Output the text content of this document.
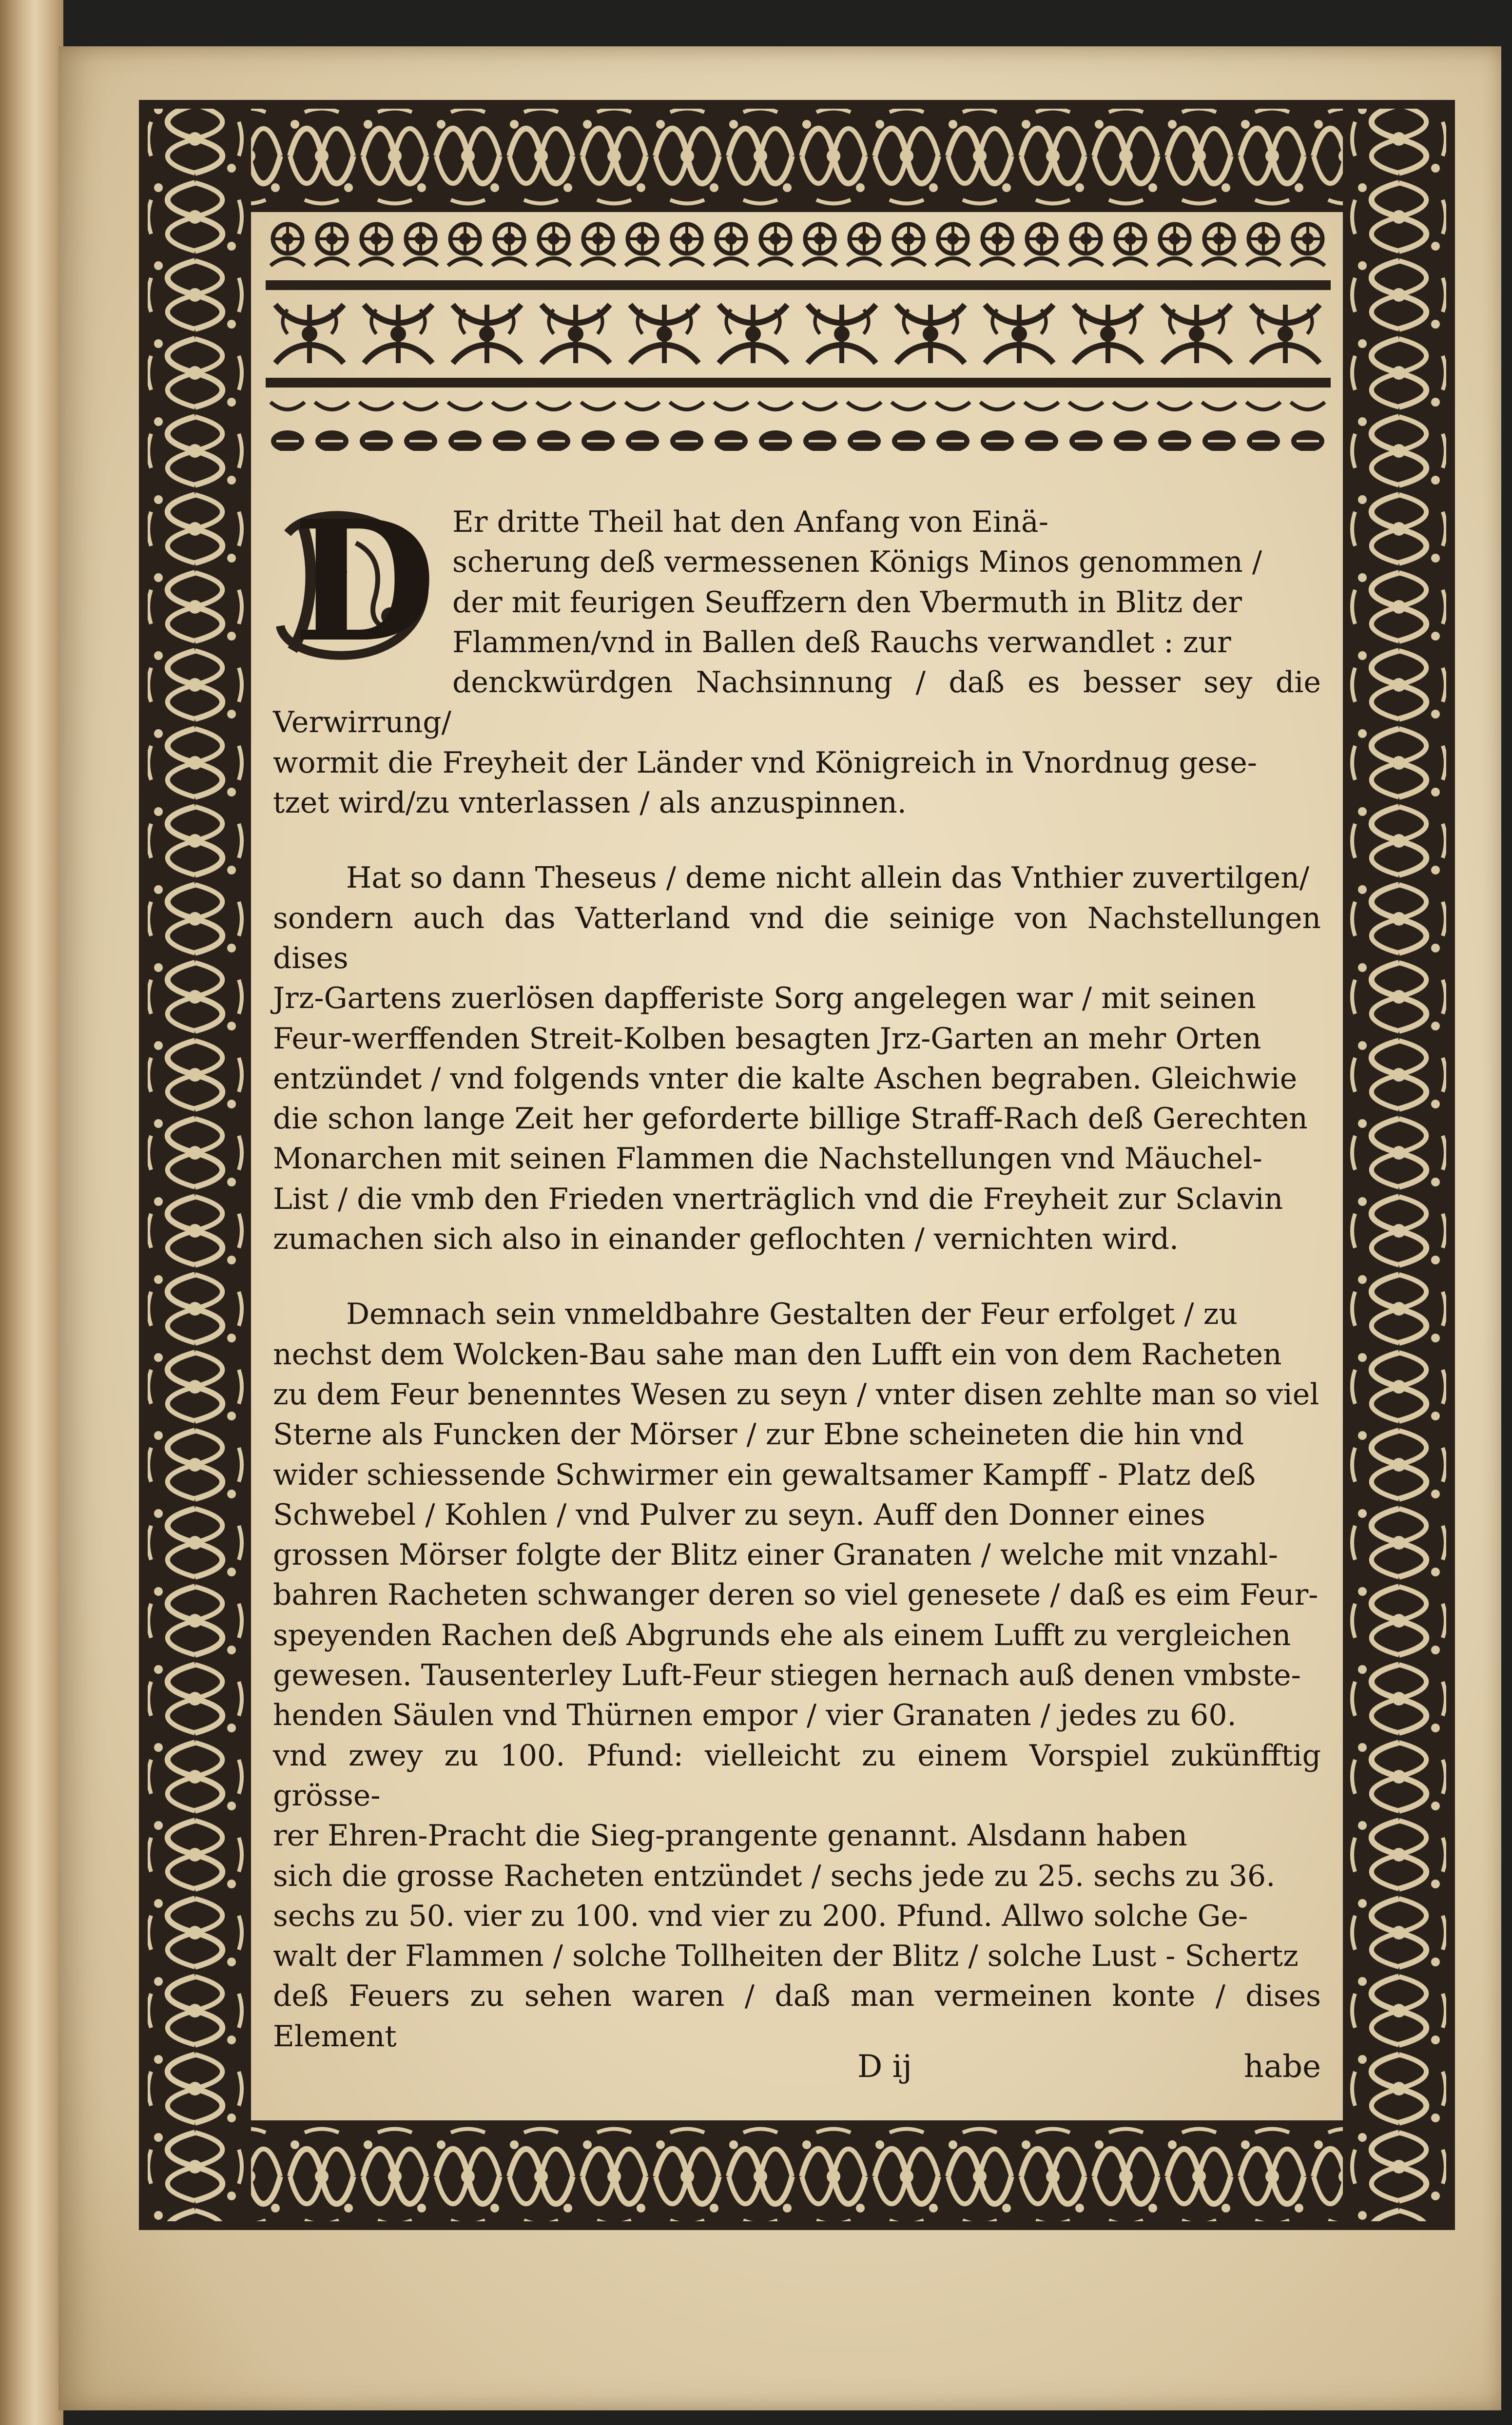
D Er dritte Theil hat den Anfang von Einä-
scherung deß vermessenen Königs Minos genommen /
der mit feurigen Seuffzern den Vbermuth in Blitz der
Flammen/vnd in Ballen deß Rauchs verwandlet : zur
denckwürdgen Nachsinnung / daß es besser sey die Verwirrung/
wormit die Freyheit der Länder vnd Königreich in Vnordnug gese-
tzet wird/zu vnterlassen / als anzuspinnen.
Hat so dann Theseus / deme nicht allein das Vnthier zuvertilgen/
sondern auch das Vatterland vnd die seinige von Nachstellungen dises
Jrz-Gartens zuerlösen dapfferiste Sorg angelegen war / mit seinen
Feur-werffenden Streit-Kolben besagten Jrz-Garten an mehr Orten
entzündet / vnd folgends vnter die kalte Aschen begraben. Gleichwie
die schon lange Zeit her geforderte billige Straff-Rach deß Gerechten
Monarchen mit seinen Flammen die Nachstellungen vnd Mäuchel-
List / die vmb den Frieden vnerträglich vnd die Freyheit zur Sclavin
zumachen sich also in einander geflochten / vernichten wird.
Demnach sein vnmeldbahre Gestalten der Feur erfolget / zu
nechst dem Wolcken-Bau sahe man den Lufft ein von dem Racheten
zu dem Feur benenntes Wesen zu seyn / vnter disen zehlte man so viel
Sterne als Funcken der Mörser / zur Ebne scheineten die hin vnd
wider schiessende Schwirmer ein gewaltsamer Kampff - Platz deß
Schwebel / Kohlen / vnd Pulver zu seyn. Auff den Donner eines
grossen Mörser folgte der Blitz einer Granaten / welche mit vnzahl-
bahren Racheten schwanger deren so viel genesete / daß es eim Feur-
speyenden Rachen deß Abgrunds ehe als einem Lufft zu vergleichen
gewesen. Tausenterley Luft-Feur stiegen hernach auß denen vmbste-
henden Säulen vnd Thürnen empor / vier Granaten / jedes zu 60.
vnd zwey zu 100. Pfund: vielleicht zu einem Vorspiel zukünfftig grösse-
rer Ehren-Pracht die Sieg-prangente genannt. Alsdann haben
sich die grosse Racheten entzündet / sechs jede zu 25. sechs zu 36.
sechs zu 50. vier zu 100. vnd vier zu 200. Pfund. Allwo solche Ge-
walt der Flammen / solche Tollheiten der Blitz / solche Lust - Schertz
deß Feuers zu sehen waren / daß man vermeinen konte / dises Element
D ij	habe
